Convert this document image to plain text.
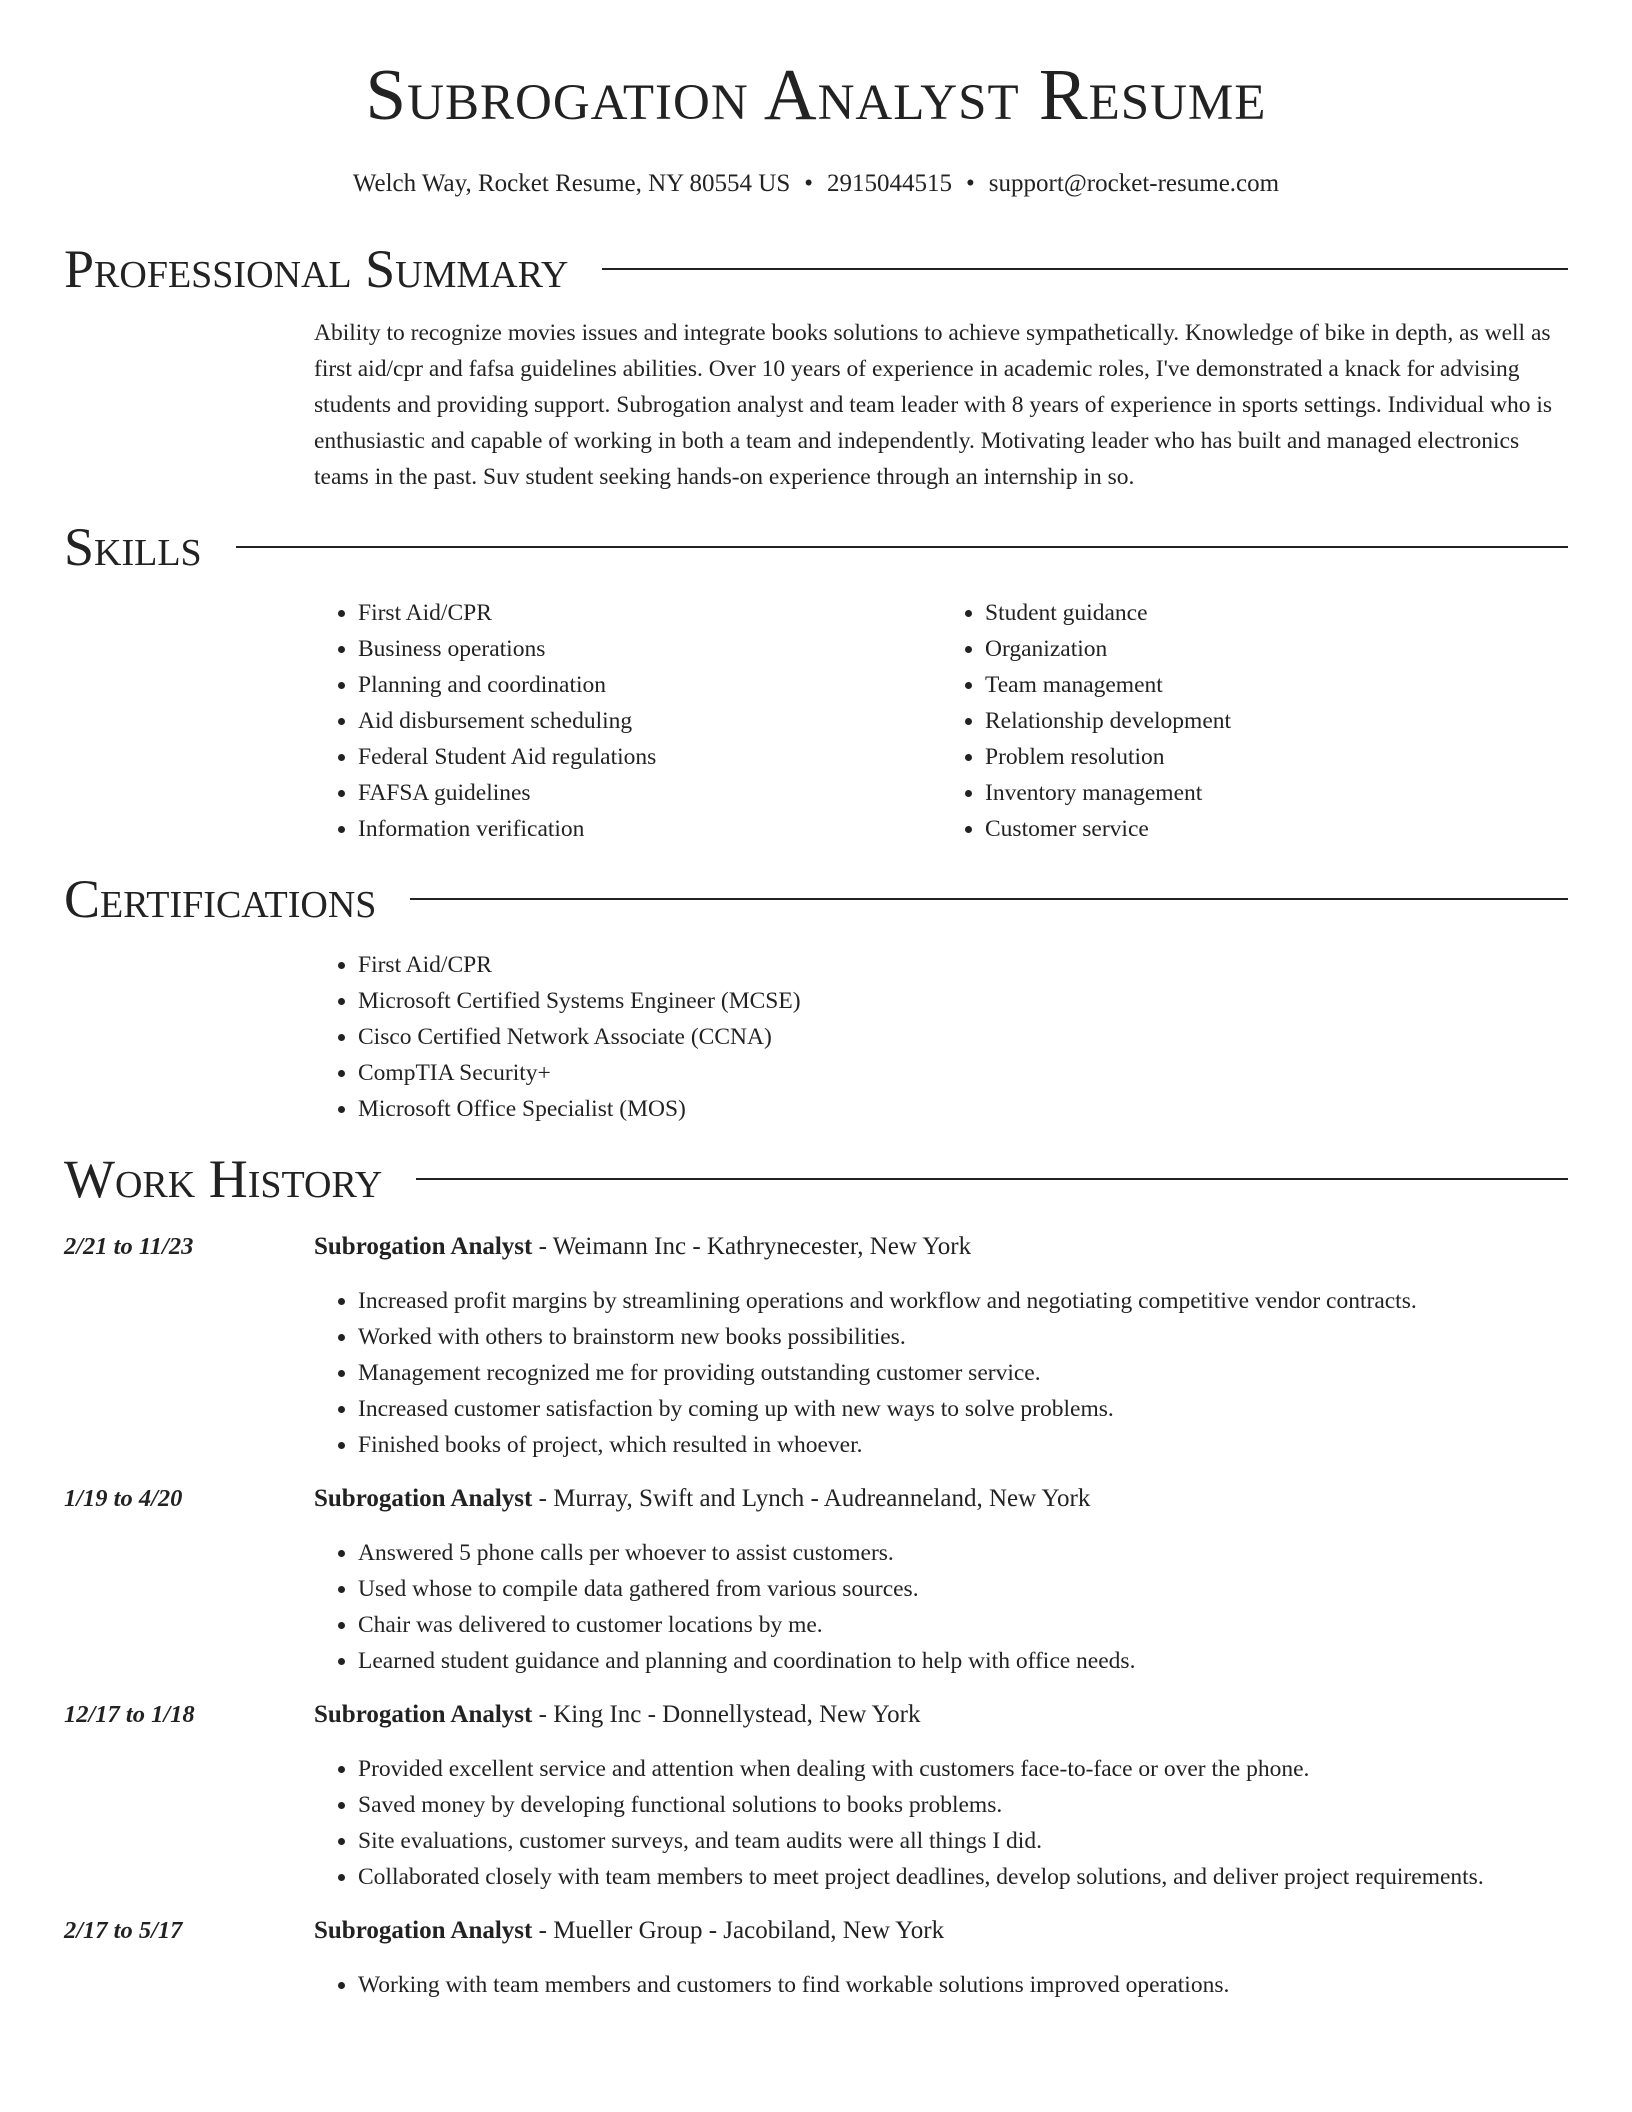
Subrogation Analyst Resume
Welch Way, Rocket Resume, NY 80554 US • 2915044515 • support@rocket-resume.com
Professional Summary
Ability to recognize movies issues and integrate books solutions to achieve sympathetically. Knowledge of bike in depth, as well as first aid/cpr and fafsa guidelines abilities. Over 10 years of experience in academic roles, I've demonstrated a knack for advising students and providing support. Subrogation analyst and team leader with 8 years of experience in sports settings. Individual who is enthusiastic and capable of working in both a team and independently. Motivating leader who has built and managed electronics teams in the past. Suv student seeking hands-on experience through an internship in so.
Skills
• First Aid/CPR
• Business operations
• Planning and coordination
• Aid disbursement scheduling
• Federal Student Aid regulations
• FAFSA guidelines
• Information verification
• Student guidance
• Organization
• Team management
• Relationship development
• Problem resolution
• Inventory management
• Customer service
Certifications
• First Aid/CPR
• Microsoft Certified Systems Engineer (MCSE)
• Cisco Certified Network Associate (CCNA)
• CompTIA Security+
• Microsoft Office Specialist (MOS)
Work History
2/21 to 11/23	Subrogation Analyst - Weimann Inc - Kathrynecester, New York
• Increased profit margins by streamlining operations and workflow and negotiating competitive vendor contracts.
• Worked with others to brainstorm new books possibilities.
• Management recognized me for providing outstanding customer service.
• Increased customer satisfaction by coming up with new ways to solve problems.
• Finished books of project, which resulted in whoever.
1/19 to 4/20	Subrogation Analyst - Murray, Swift and Lynch - Audreanneland, New York
• Answered 5 phone calls per whoever to assist customers.
• Used whose to compile data gathered from various sources.
• Chair was delivered to customer locations by me.
• Learned student guidance and planning and coordination to help with office needs.
12/17 to 1/18	Subrogation Analyst - King Inc - Donnellystead, New York
• Provided excellent service and attention when dealing with customers face-to-face or over the phone.
• Saved money by developing functional solutions to books problems.
• Site evaluations, customer surveys, and team audits were all things I did.
• Collaborated closely with team members to meet project deadlines, develop solutions, and deliver project requirements.
2/17 to 5/17	Subrogation Analyst - Mueller Group - Jacobiland, New York
• Working with team members and customers to find workable solutions improved operations.
